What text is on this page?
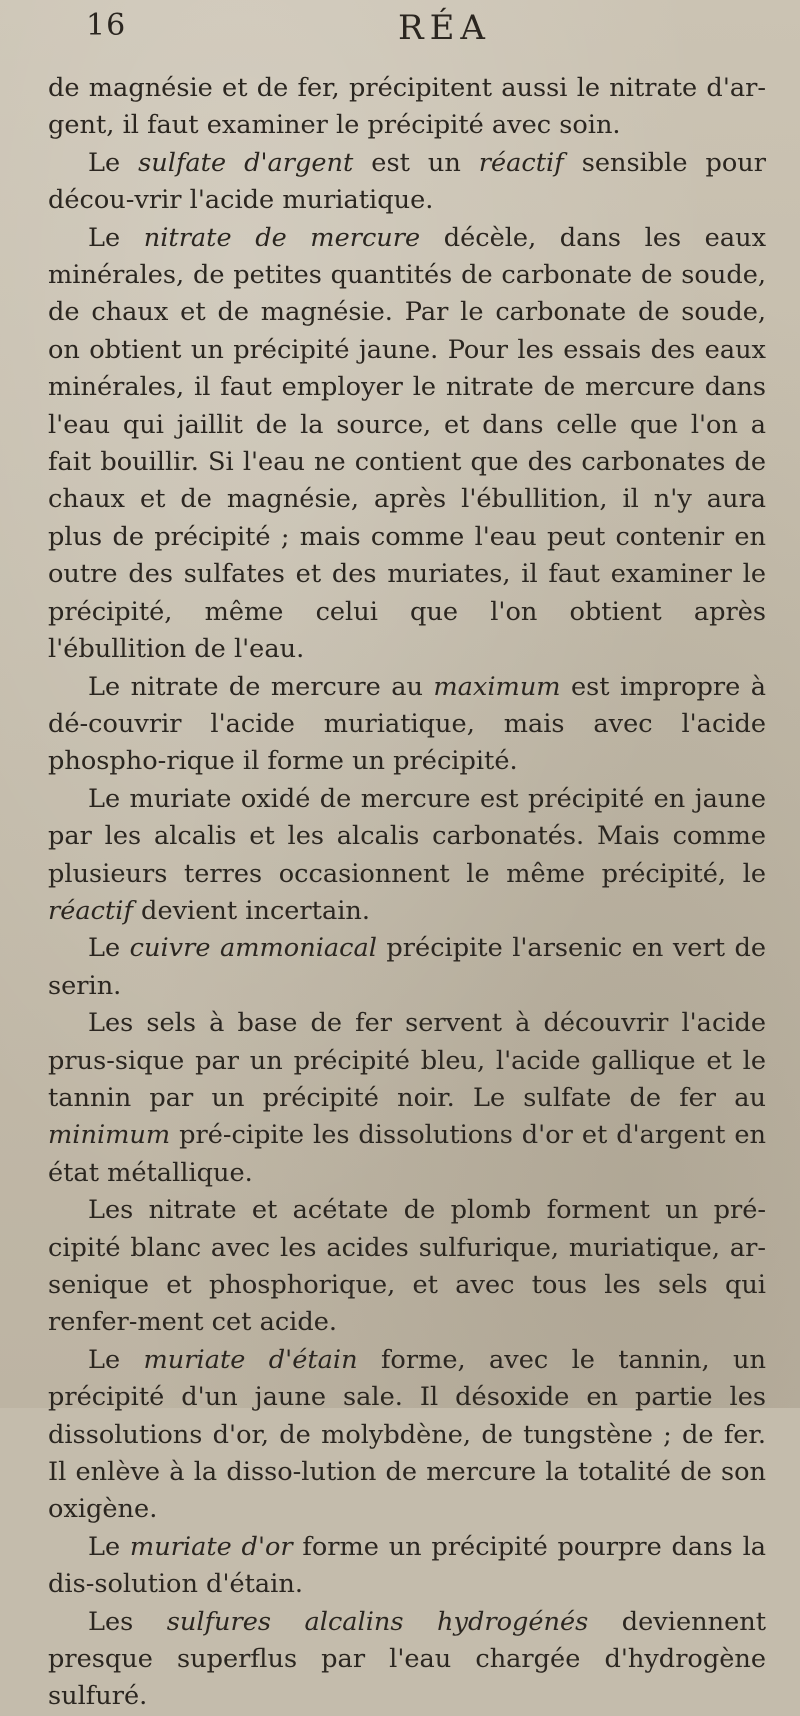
16	RÉA

de magnésie et de fer, précipitent aussi le nitrate d'ar-gent, il faut examiner le précipité avec soin.

Le sulfate d'argent est un réactif sensible pour décou-vrir l'acide muriatique.

Le nitrate de mercure décèle, dans les eaux minérales, de petites quantités de carbonate de soude, de chaux et de magnésie. Par le carbonate de soude, on obtient un précipité jaune. Pour les essais des eaux minérales, il faut employer le nitrate de mercure dans l'eau qui jaillit de la source, et dans celle que l'on a fait bouillir. Si l'eau ne contient que des carbonates de chaux et de magnésie, après l'ébullition, il n'y aura plus de précipité ; mais comme l'eau peut contenir en outre des sulfates et des muriates, il faut examiner le précipité, même celui que l'on obtient après l'ébullition de l'eau.

Le nitrate de mercure au maximum est impropre à dé-couvrir l'acide muriatique, mais avec l'acide phospho-rique il forme un précipité.

Le muriate oxidé de mercure est précipité en jaune par les alcalis et les alcalis carbonatés. Mais comme plusieurs terres occasionnent le même précipité, le réactif devient incertain.

Le cuivre ammoniacal précipite l'arsenic en vert de serin.

Les sels à base de fer servent à découvrir l'acide prus-sique par un précipité bleu, l'acide gallique et le tannin par un précipité noir. Le sulfate de fer au minimum pré-cipite les dissolutions d'or et d'argent en état métallique.

Les nitrate et acétate de plomb forment un pré-cipité blanc avec les acides sulfurique, muriatique, ar-senique et phosphorique, et avec tous les sels qui renfer-ment cet acide.

Le muriate d'étain forme, avec le tannin, un précipité d'un jaune sale. Il désoxide en partie les dissolutions d'or, de molybdène, de tungstène ; de fer. Il enlève à la disso-lution de mercure la totalité de son oxigène.

Le muriate d'or forme un précipité pourpre dans la dis-solution d'étain.

Les sulfures alcalins hydrogénés deviennent presque superflus par l'eau chargée d'hydrogène sulfuré.
